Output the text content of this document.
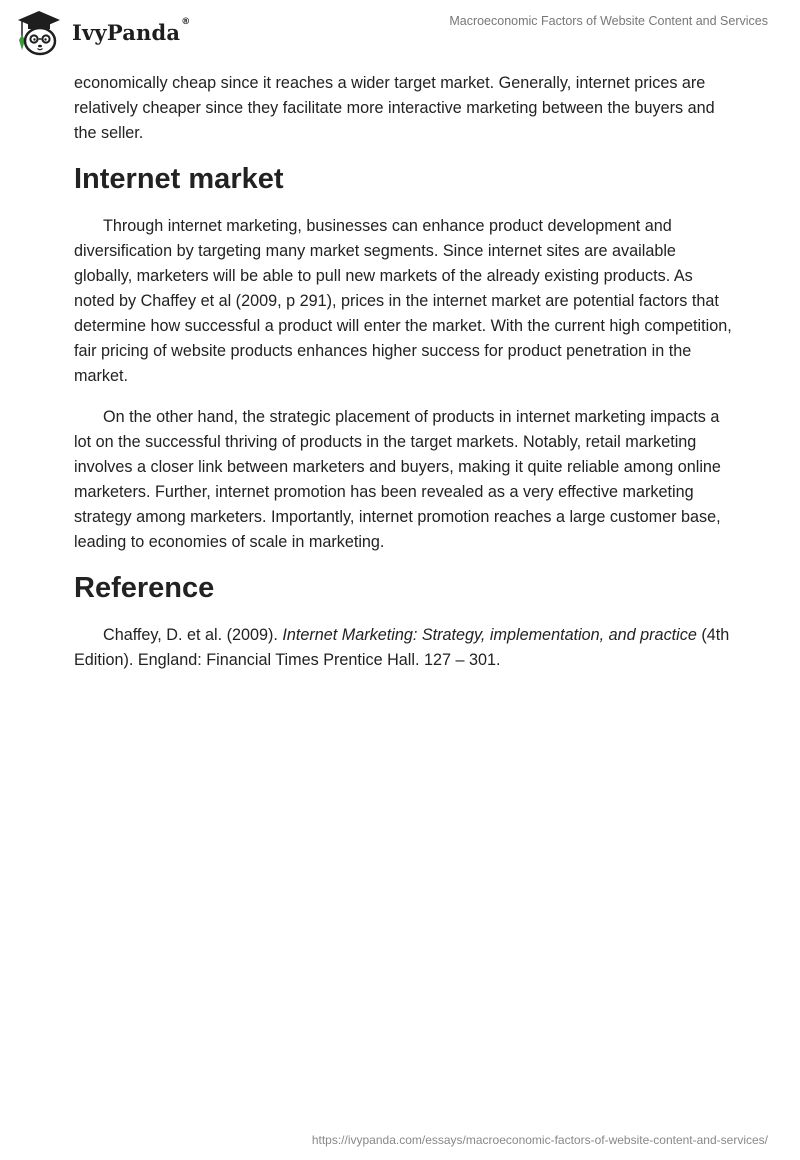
IvyPanda®	Macroeconomic Factors of Website Content and Services

economically cheap since it reaches a wider target market. Generally, internet prices are relatively cheaper since they facilitate more interactive marketing between the buyers and the seller.

Internet market

Through internet marketing, businesses can enhance product development and diversification by targeting many market segments. Since internet sites are available globally, marketers will be able to pull new markets of the already existing products. As noted by Chaffey et al (2009, p 291), prices in the internet market are potential factors that determine how successful a product will enter the market. With the current high competition, fair pricing of website products enhances higher success for product penetration in the market.

On the other hand, the strategic placement of products in internet marketing impacts a lot on the successful thriving of products in the target markets. Notably, retail marketing involves a closer link between marketers and buyers, making it quite reliable among online marketers. Further, internet promotion has been revealed as a very effective marketing strategy among marketers. Importantly, internet promotion reaches a large customer base, leading to economies of scale in marketing.

Reference

Chaffey, D. et al. (2009). Internet Marketing: Strategy, implementation, and practice (4th Edition). England: Financial Times Prentice Hall. 127 – 301.

https://ivypanda.com/essays/macroeconomic-factors-of-website-content-and-services/
